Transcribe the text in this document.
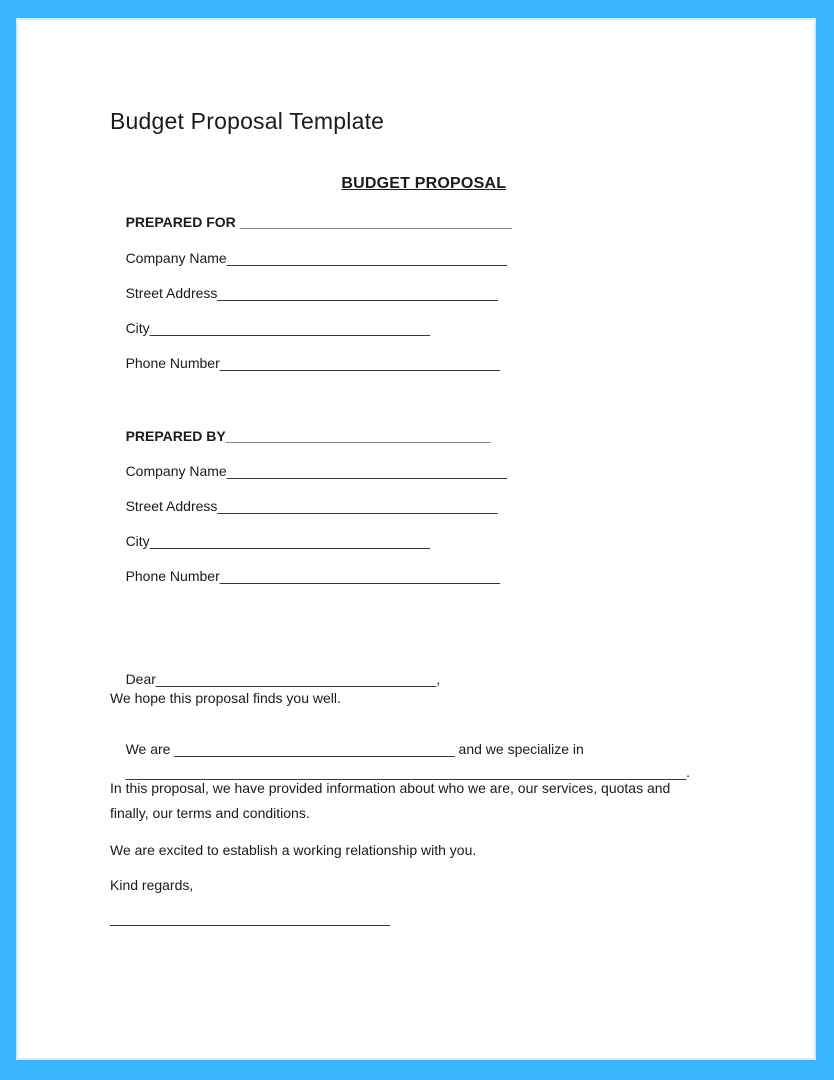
Budget Proposal Template

BUDGET PROPOSAL

PREPARED FOR ___________________________________

Company Name____________________________________

Street Address____________________________________

City____________________________________

Phone Number____________________________________

PREPARED BY__________________________________

Company Name____________________________________

Street Address____________________________________

City____________________________________

Phone Number____________________________________

Dear____________________________________,

We hope this proposal finds you well.

We are ____________________________________ and we specialize in

________________________________________________________________________.

In this proposal, we have provided information about who we are, our services, quotas and finally, our terms and conditions.
We are excited to establish a working relationship with you.
Kind regards,
____________________________________
